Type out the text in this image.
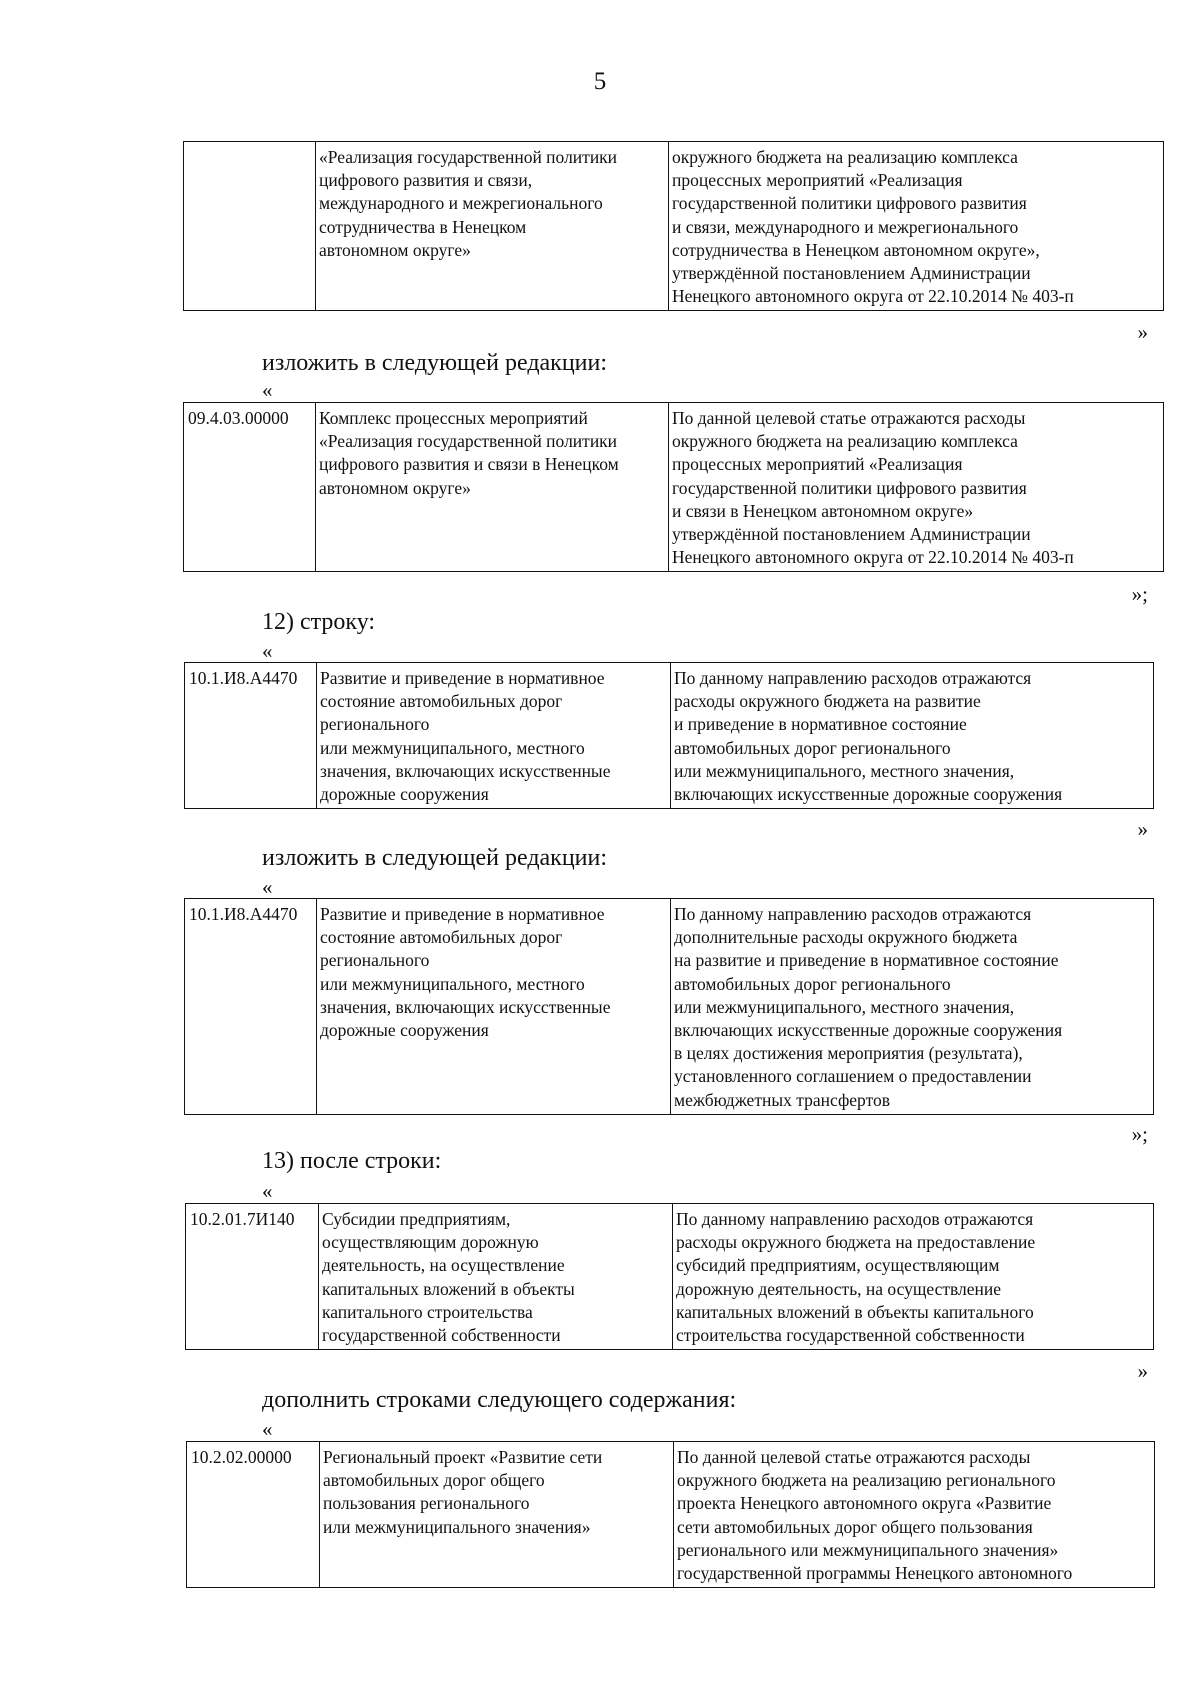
5
	«Реализация государственной политики
цифрового развития и связи,
международного и межрегионального
сотрудничества в Ненецком
автономном округе»	окружного бюджета на реализацию комплекса
процессных мероприятий «Реализация
государственной политики цифрового развития
и связи, международного и межрегионального
сотрудничества в Ненецком автономном округе»,
утверждённой постановлением Администрации
Ненецкого автономного округа от 22.10.2014 № 403-п
»
изложить в следующей редакции:
«
09.4.03.00000	Комплекс процессных мероприятий
«Реализация государственной политики
цифрового развития и связи в Ненецком
автономном округе»	По данной целевой статье отражаются расходы
окружного бюджета на реализацию комплекса
процессных мероприятий «Реализация
государственной политики цифрового развития
и связи в Ненецком автономном округе»
утверждённой постановлением Администрации
Ненецкого автономного округа от 22.10.2014 № 403-п
»;
12) строку:
«
10.1.И8.А4470	Развитие и приведение в нормативное
состояние автомобильных дорог
регионального
или межмуниципального, местного
значения, включающих искусственные
дорожные сооружения	По данному направлению расходов отражаются
расходы окружного бюджета на развитие
и приведение в нормативное состояние
автомобильных дорог регионального
или межмуниципального, местного значения,
включающих искусственные дорожные сооружения
»
изложить в следующей редакции:
«
10.1.И8.А4470	Развитие и приведение в нормативное
состояние автомобильных дорог
регионального
или межмуниципального, местного
значения, включающих искусственные
дорожные сооружения	По данному направлению расходов отражаются
дополнительные расходы окружного бюджета
на развитие и приведение в нормативное состояние
автомобильных дорог регионального
или межмуниципального, местного значения,
включающих искусственные дорожные сооружения
в целях достижения мероприятия (результата),
установленного соглашением о предоставлении
межбюджетных трансфертов
»;
13) после строки:
«
10.2.01.7И140	Субсидии предприятиям,
осуществляющим дорожную
деятельность, на осуществление
капитальных вложений в объекты
капитального строительства
государственной собственности	По данному направлению расходов отражаются
расходы окружного бюджета на предоставление
субсидий предприятиям, осуществляющим
дорожную деятельность, на осуществление
капитальных вложений в объекты капитального
строительства государственной собственности
»
дополнить строками следующего содержания:
«
10.2.02.00000	Региональный проект «Развитие сети
автомобильных дорог общего
пользования регионального
или межмуниципального значения»	По данной целевой статье отражаются расходы
окружного бюджета на реализацию регионального
проекта Ненецкого автономного округа «Развитие
сети автомобильных дорог общего пользования
регионального или межмуниципального значения»
государственной программы Ненецкого автономного
